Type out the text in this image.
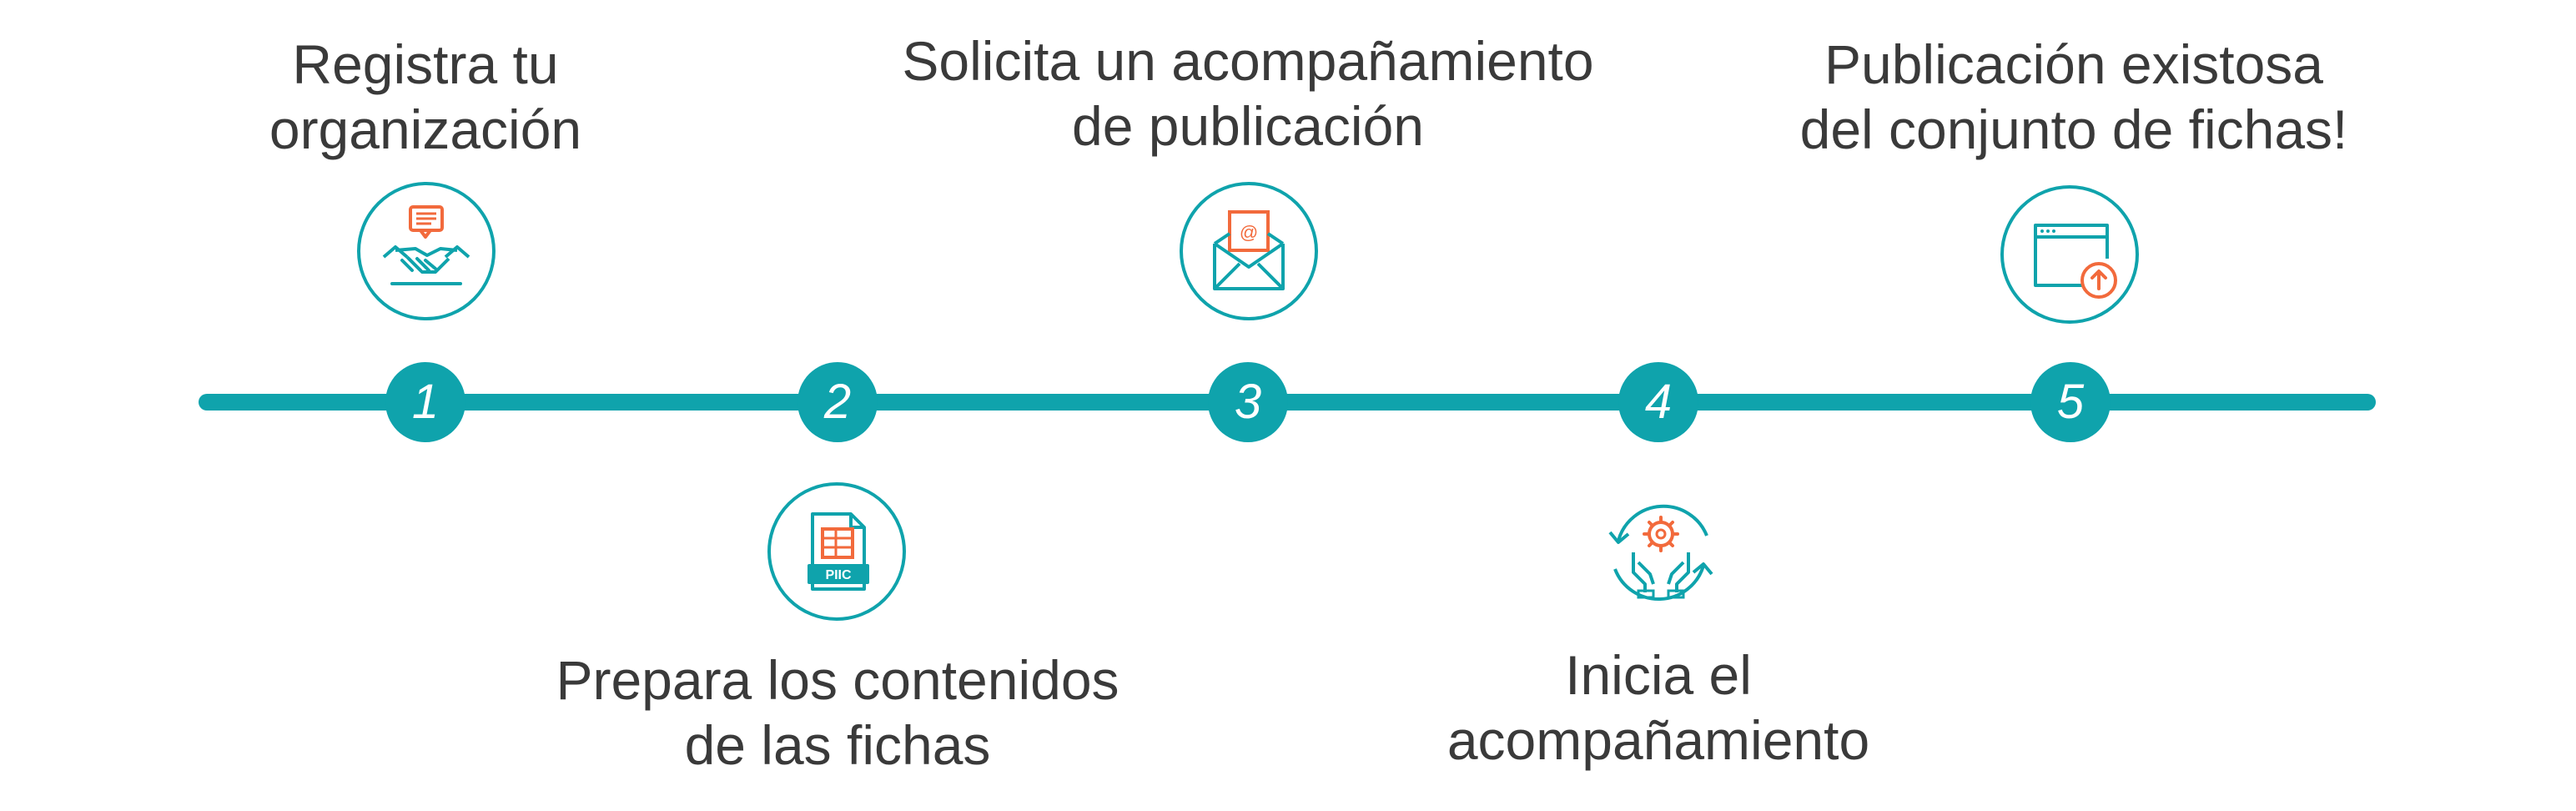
1	2	3	4	5
Registra tu
organización
PIIC
Prepara los contenidos
de las fichas
Solicita un acompañamiento
de publicación
@
Inicia el
acompañamiento
Publicación existosa
del conjunto de fichas!
